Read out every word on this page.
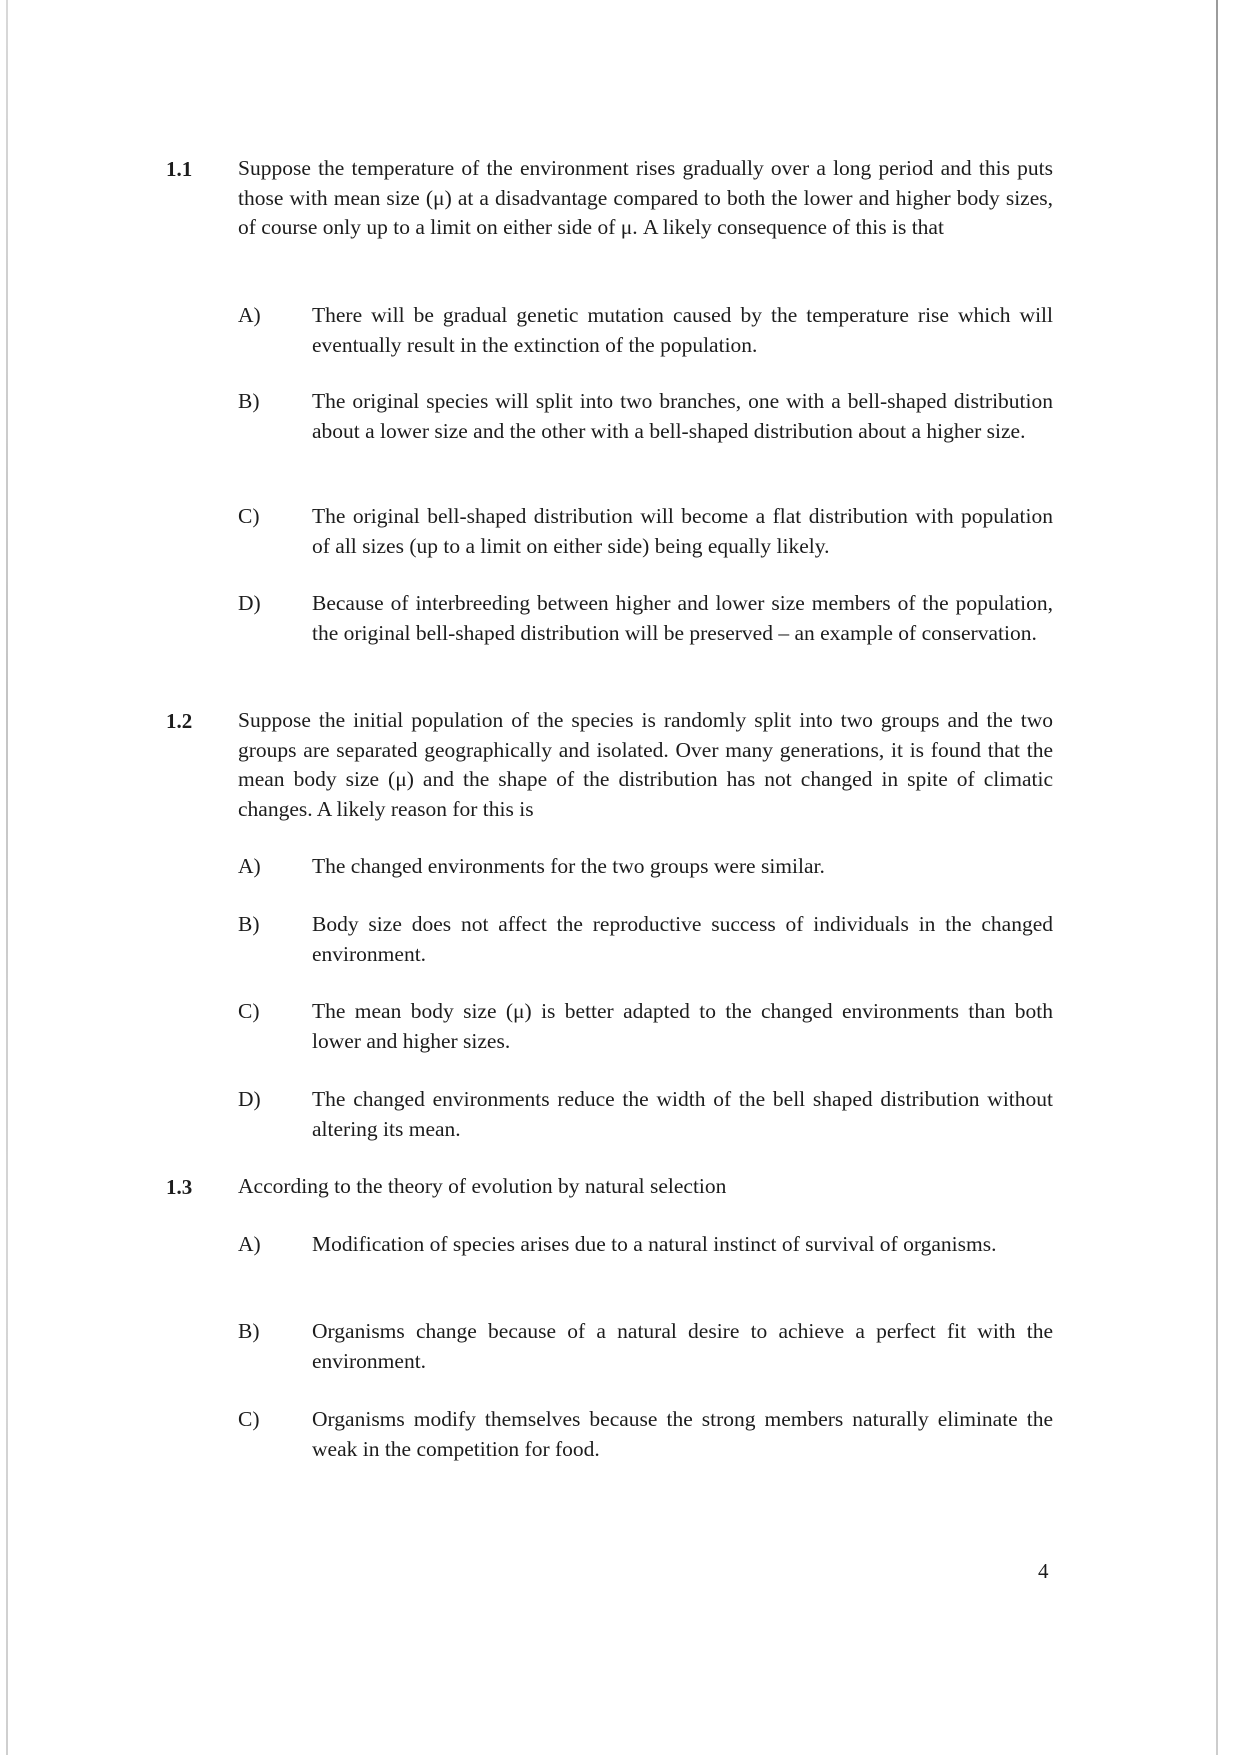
1.1 Suppose the temperature of the environment rises gradually over a long period and this puts those with mean size (μ) at a disadvantage compared to both the lower and higher body sizes, of course only up to a limit on either side of μ. A likely consequence of this is that
A) There will be gradual genetic mutation caused by the temperature rise which will eventually result in the extinction of the population.
B) The original species will split into two branches, one with a bell-shaped distribution about a lower size and the other with a bell-shaped distribution about a higher size.
C) The original bell-shaped distribution will become a flat distribution with population of all sizes (up to a limit on either side) being equally likely.
D) Because of interbreeding between higher and lower size members of the population, the original bell-shaped distribution will be preserved – an example of conservation.
1.2 Suppose the initial population of the species is randomly split into two groups and the two groups are separated geographically and isolated. Over many generations, it is found that the mean body size (μ) and the shape of the distribution has not changed in spite of climatic changes. A likely reason for this is
A) The changed environments for the two groups were similar.
B) Body size does not affect the reproductive success of individuals in the changed environment.
C) The mean body size (μ) is better adapted to the changed environments than both lower and higher sizes.
D) The changed environments reduce the width of the bell shaped distribution without altering its mean.
1.3 According to the theory of evolution by natural selection
A) Modification of species arises due to a natural instinct of survival of organisms.
B) Organisms change because of a natural desire to achieve a perfect fit with the environment.
C) Organisms modify themselves because the strong members naturally eliminate the weak in the competition for food.
4
